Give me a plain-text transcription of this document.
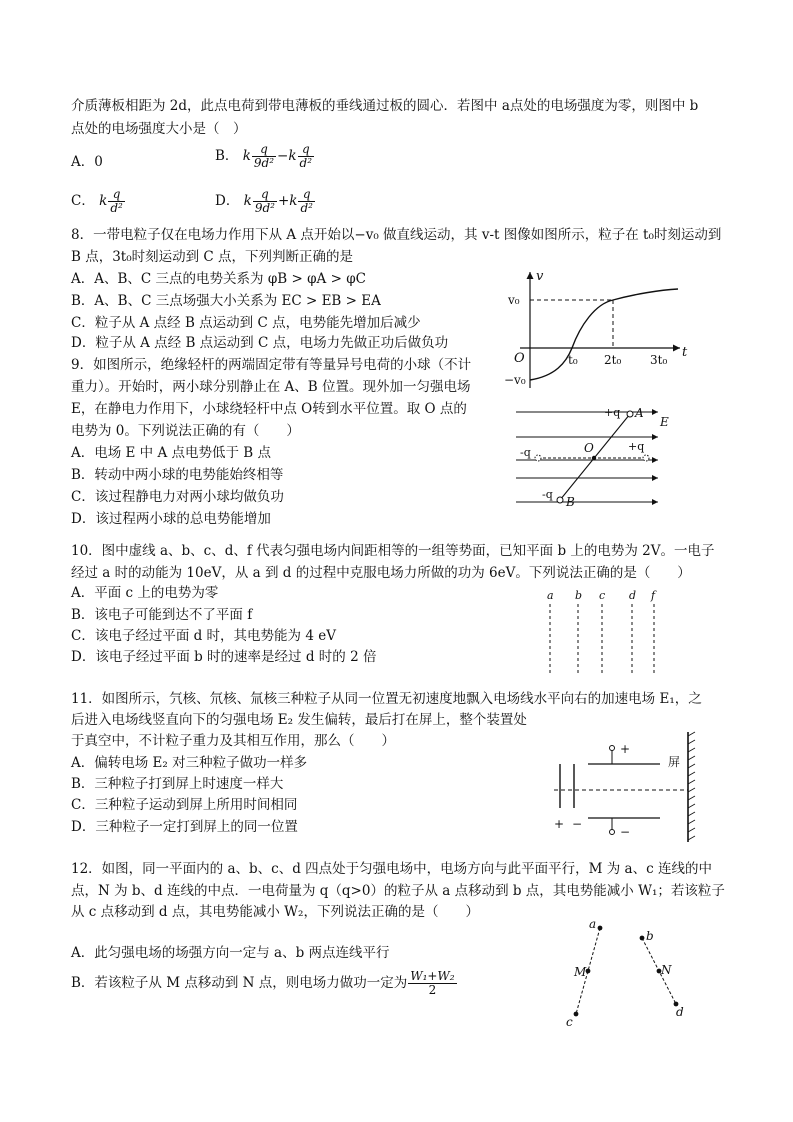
介质薄板相距为 2d，此点电荷到带电薄板的垂线通过板的圆心．若图中 a点处的电场强度为零，则图中 b
点处的电场强度大小是（　）
A．0	B． k $\frac{q}{\text{9d²}} -k \frac{q}{\text{d²}}$
C． k $\frac{q}{\text{d²}}$	D． k $\frac{q}{\text{9d²}} +k \frac{q}{\text{d²}}$
8．一带电粒子仅在电场力作用下从 A 点开始以−v₀ 做直线运动，其 v-t 图像如图所示，粒子在 t₀时刻运动到
B 点，3t₀时刻运动到 C 点，下列判断正确的是
A．A、B、C 三点的电势关系为 φB > φA > φC
B．A、B、C 三点场强大小关系为 EC > EB > EA
C．粒子从 A 点经 B 点运动到 C 点，电势能先增加后减少
D．粒子从 A 点经 B 点运动到 C 点，电场力先做正功后做负功
v
v₀
−v₀
O	t₀ 2t₀ 3t₀ t
9．如图所示，绝缘轻杆的两端固定带有等量异号电荷的小球（不计
重力）。开始时，两小球分别静止在 A、B 位置。现外加一匀强电场
E，在静电力作用下，小球绕轻杆中点 O转到水平位置。取 O 点的
电势为 0。下列说法正确的有（　　）
A．电场 E 中 A 点电势低于 B 点
B．转动中两小球的电势能始终相等
C．该过程静电力对两小球均做负功
D．该过程两小球的总电势能增加
+q A
E
-q	O	+q
-q
B
10．图中虚线 a、b、c、d、f 代表匀强电场内间距相等的一组等势面，已知平面 b 上的电势为 2V。一电子
经过 a 时的动能为 10eV，从 a 到 d 的过程中克服电场力所做的功为 6eV。下列说法正确的是（　　）
A．平面 c 上的电势为零
B．该电子可能到达不了平面 f
C．该电子经过平面 d 时，其电势能为 4 eV
D．该电子经过平面 b 时的速率是经过 d 时的 2 倍
a b c d f
11．如图所示，氕核、氘核、氚核三种粒子从同一位置无初速度地飘入电场线水平向右的加速电场 E₁，之
后进入电场线竖直向下的匀强电场 E₂ 发生偏转，最后打在屏上，整个装置处
于真空中，不计粒子重力及其相互作用，那么（　　）
A．偏转电场 E₂ 对三种粒子做功一样多
B．三种粒子打到屏上时速度一样大
C．三种粒子运动到屏上所用时间相同
D．三种粒子一定打到屏上的同一位置
+
−
+ −
屏
12．如图，同一平面内的 a、b、c、d 四点处于匀强电场中，电场方向与此平面平行，M 为 a、c 连线的中
点，N 为 b、d 连线的中点．一电荷量为 q（q>0）的粒子从 a 点移动到 b 点，其电势能减小 W₁；若该粒子
从 c 点移动到 d 点，其电势能减小 W₂，下列说法正确的是（　　）
A．此匀强电场的场强方向一定与 a、b 两点连线平行
B．若该粒子从 M 点移动到 N 点，则电场力做功一定为 $\frac{\text{W₁+W₂}}{2}$
a
c
M
b
N
d
